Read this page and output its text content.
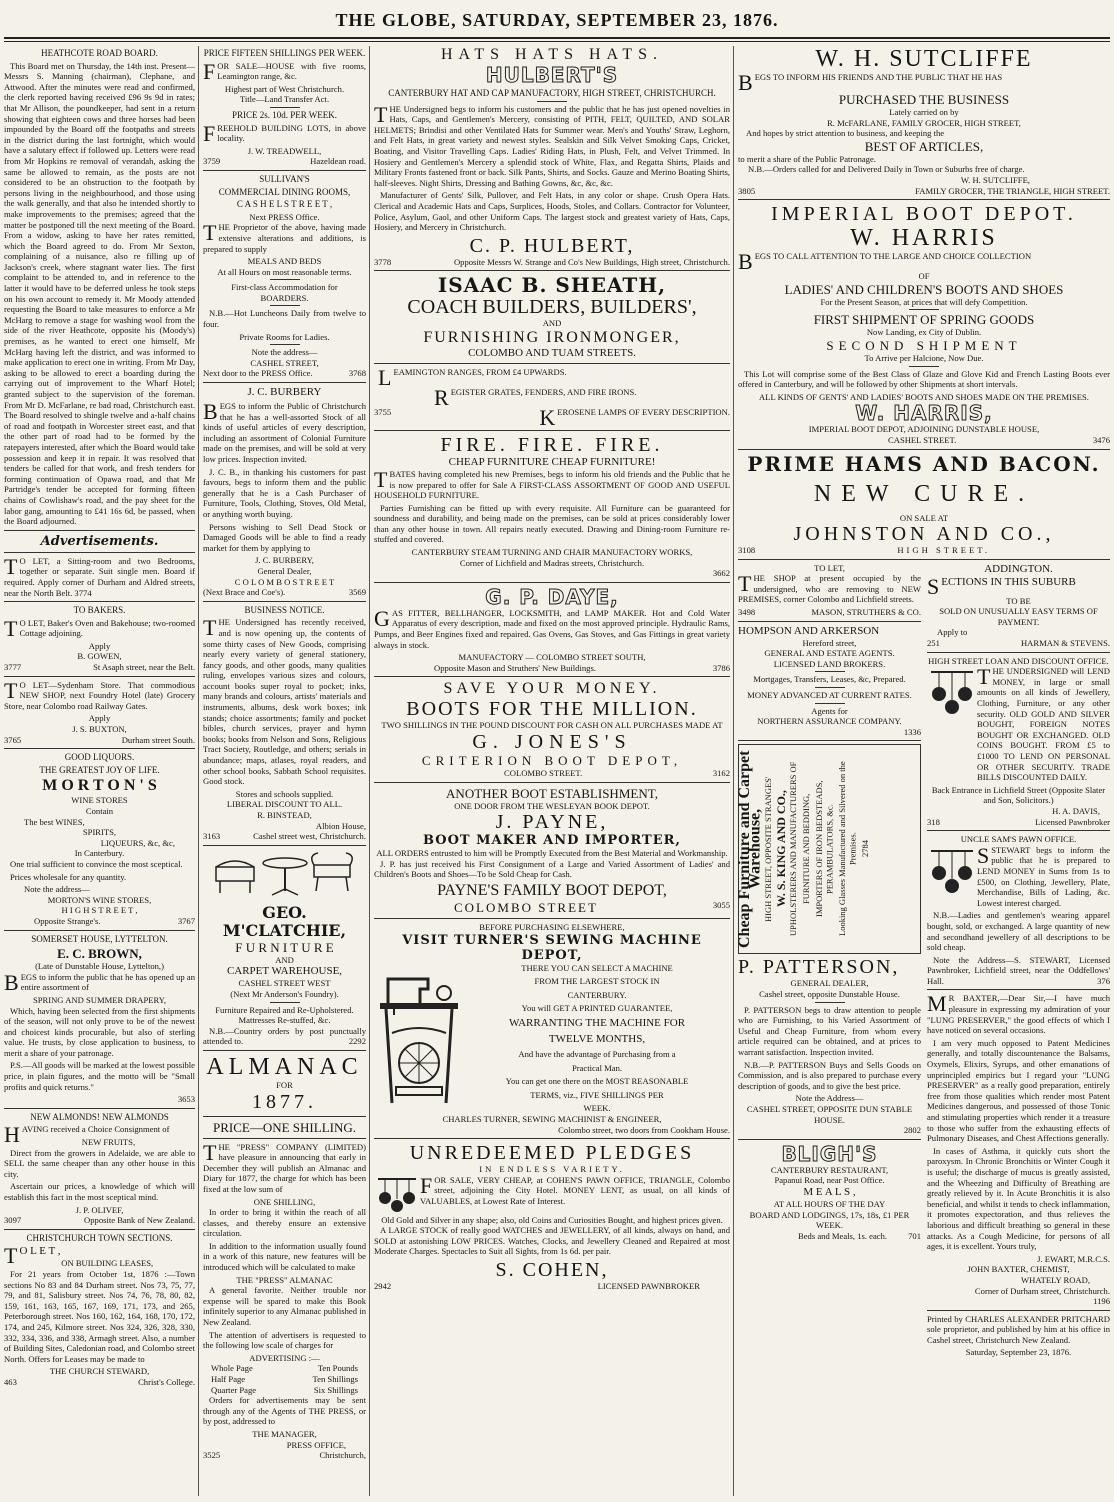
THE GLOBE, SATURDAY, SEPTEMBER 23, 1876.
HEATHCOTE ROAD BOARD.

This Board met on Thursday, the 14th inst. Present—Messrs S. Manning (chairman), Clephane, and Attwood. After the minutes were read and confirmed, the clerk reported having received £96 9s 9d in rates; that Mr Allison, the poundkeeper, had sent in a return showing that eighteen cows and three horses had been impounded by the Board off the footpaths and streets in the district during the last fortnight, which would have a salutary effect if followed up. Letters were read from Mr Hopkins re removal of verandah, asking the same be allowed to remain, as the posts are not considered to be an obstruction to the footpath by persons living in the neighbourhood, and those using the walk generally, and that also he intended shortly to make improvements to the premises; agreed that the matter be postponed till the next meeting of the Board. From a widow, asking to have her rates remitted, which the Board agreed to do. From Mr Sexton, complaining of a nuisance, also re filling up of Jackson's creek, where stagnant water lies. The first complaint to be attended to, and in reference to the latter it would have to be deferred unless he took steps on his own account to remedy it. Mr Moody attended requesting the Board to take measures to enforce a Mr McHarg to remove a stage for washing wool from the side of the river Heathcote, opposite his (Moody's) premises, as he wanted to erect one himself, Mr McHarg having left the district, and was informed to make application to erect one in writing. From Mr Day, asking to be allowed to erect a boarding during the carrying out of improvement to the Wharf Hotel; granted subject to the supervision of the foreman. From Mr D. McFarlane, re bad road, Christchurch east. The Board resolved to shingle twelve and a-half chains of road and footpath in Worcester street east, and that the other part of road had to be formed by the ratepayers interested, after which the Board would take possession and keep it in repair. It was resolved that tenders be called for that work, and fresh tenders for forming continuation of Opawa road, and that Mr Partridge's tender be accepted for forming fifteen chains of Cowlishaw's road, and the pay sheet for the labor gang, amounting to £41 16s 6d, be passed, when the Board adjourned.

Advertisements.

T O LET, a Sitting-room and two Bedrooms, together or separate. Suit single men. Board if required. Apply corner of Durham and Aldred streets, near the North Belt. 3774

TO BAKERS.

T O LET, Baker's Oven and Bakehouse; two-roomed Cottage adjoining.

Apply
B. GOWEN,
3777	St Asaph street, near the Belt.

T O LET—Sydenham Store. That commodious NEW SHOP, next Foundry Hotel (late) Grocery Store, near Colombo road Railway Gates.

Apply
J. S. BUXTON,
3765	Durham street South.
GOOD LIQUORS.
THE GREATEST JOY OF LIFE.
M O R T O N ' S
WINE STORES
Contain
The best WINES,
SPIRITS,
LIQUEURS, &c, &c,
In Canterbury.

One trial sufficient to convince the most sceptical.

Prices wholesale for any quantity.

Note the address—
MORTON'S WINE STORES,
H I G H S T R E E T ,
Opposite Strange's.	3767
SOMERSET HOUSE, LYTTELTON.
E. C. BROWN,
(Late of Dunstable House, Lyttelton,)

BEGS to inform the public that he has opened up an entire assortment of

SPRING AND SUMMER DRAPERY,

Which, having been selected from the first shipments of the season, will not only prove to be of the newest and choicest kinds procurable, but also of sterling value. He trusts, by close application to business, to merit a share of your patronage.

P.S.—All goods will be marked at the lowest possible price, in plain figures, and the motto will be "Small profits and quick returns."

3653
NEW ALMONDS! NEW ALMONDS

HAVING received a Choice Consignment of

NEW FRUITS,

Direct from the growers in Adelaide, we are able to SELL the same cheaper than any other house in this city.

Ascertain our prices, a knowledge of which will establish this fact in the most sceptical mind.

J. P. OLIVEF,
3097	Opposite Bank of New Zealand.
CHRISTCHURCH TOWN SECTIONS.
T O L E T ,
ON BUILDING LEASES,

For 21 years from October 1st, 1876 :—Town sections No 83 and 84 Durham street. Nos 73, 75, 77, 79, and 81, Salisbury street. Nos 74, 76, 78, 80, 82, 159, 161, 163, 165, 167, 169, 171, 173, and 265, Peterborough street. Nos 160, 162, 164, 168, 170, 172, 174, and 245, Kilmore street. Nos 324, 326, 328, 330, 332, 334, 336, and 338, Armagh street. Also, a number of Building Sites, Caledonian road, and Colombo street North. Offers for Leases may be made to

THE CHURCH STEWARD,
463	Christ's College.
PRICE FIFTEEN SHILLINGS PER WEEK.

FOR SALE—HOUSE with five rooms, Leamington range, &c.

Highest part of West Christchurch.
Title—Land Transfer Act.
PRICE 2s. 10d. PER WEEK.

FREEHOLD BUILDING LOTS, in above locality.

J. W. TREADWELL,
3759	Hazeldean road.
SULLIVAN'S
COMMERCIAL DINING ROOMS,
C A S H E L S T R E E T ,
Next PRESS Office.

THE Proprietor of the above, having made extensive alterations and additions, is prepared to supply

MEALS AND BEDS
At all Hours on most reasonable terms.
First-class Accommodation for
BOARDERS.

N.B.—Hot Luncheons Daily from twelve to four.

Private Rooms for Ladies.
Note the address—
CASHEL STREET,
Next door to the PRESS Office.	3768
J. C. BURBERY

BEGS to inform the Public of Christchurch that he has a well-assorted Stock of all kinds of useful articles of every description, including an assortment of Colonial Furniture made on the premises, and will be sold at very low prices. Inspection invited.

J. C. B., in thanking his customers for past favours, begs to inform them and the public generally that he is a Cash Purchaser of Furniture, Tools, Clothing, Stoves, Old Metal, or anything worth buying.

Persons wishing to Sell Dead Stock or Damaged Goods will be able to find a ready market for them by applying to

J. C. BURBERY,
General Dealer,
C O L O M B O S T R E E T
(Next Brace and Coe's).	3569
BUSINESS NOTICE.

THE Undersigned has recently received, and is now opening up, the contents of some thirty cases of New Goods, comprising nearly every variety of general stationery, fancy goods, and other goods, many qualities ruling, envelopes various sizes and colours, account books super royal to pocket; inks, many brands and colours, artists' materials and instruments, albums, desk work boxes; ink stands; choice assortments; family and pocket bibles, church services, prayer and hymn books; books from Nelson and Sons, Religious Tract Society, Routledge, and others; serials in abundance; maps, atlases, royal readers, and other school books, Sabbath School requisites. Good stock.

Stores and schools supplied.
LIBERAL DISCOUNT TO ALL.
R. BINSTEAD,
Albion House,
3163	Cashel street west, Christchurch.
GEO. M'CLATCHIE,
F U R N I T U R E
AND
CARPET WAREHOUSE,
CASHEL STREET WEST
(Next Mr Anderson's Foundry).
Furniture Repaired and Re-Upholstered.
Mattresses Re-stuffed, &c.

N.B.—Country orders by post punctually attended to.	2292

ALMANAC
FOR
1877.
PRICE—ONE SHILLING.

THE "PRESS" COMPANY (LIMITED) have pleasure in announcing that early in December they will publish an Almanac and Diary for 1877, the charge for which has been fixed at the low sum of

ONE SHILLING,

In order to bring it within the reach of all classes, and thereby ensure an extensive circulation.

In addition to the information usually found in a work of this nature, new features will be introduced which will be calculated to make

THE "PRESS" ALMANAC

A general favorite. Neither trouble nor expense will be spared to make this Book infinitely superior to any Almanac published in New Zealand.

The attention of advertisers is requested to the following low scale of charges for

ADVERTISING :—
Whole Page	Ten Pounds
Half Page	Ten Shillings
Quarter Page	Six Shillings

Orders for advertisements may be sent through any of the Agents of THE PRESS, or by post, addressed to

THE MANAGER,
PRESS OFFICE,
3525	Christchurch,
HATS HATS HATS.
HULBERT'S
CANTERBURY HAT AND CAP MANUFACTORY, HIGH STREET, CHRISTCHURCH.

THE Undersigned begs to inform his customers and the public that he has just opened novelties in Hats, Caps, and Gentlemen's Mercery, consisting of PITH, FELT, QUILTED, AND SOLAR HELMETS; Brindisi and other Ventilated Hats for Summer wear. Men's and Youths' Straw, Leghorn, and Felt Hats, in great variety and newest styles. Sealskin and Silk Velvet Smoking Caps, Cricket, Boating, and Visitor Travelling Caps. Ladies' Riding Hats, in Plush, Felt, and Velvet Trimmed. In Hosiery and Gentlemen's Mercery a splendid stock of White, Flax, and Regatta Shirts, Plaids and Military Fronts fastened front or back. Silk Pants, Shirts, and Socks. Gauze and Merino Boating Shirts, half-sleeves. Night Shirts, Dressing and Bathing Gowns, &c, &c, &c.

Manufacturer of Gents' Silk, Pullover, and Felt Hats, in any color or shape. Crush Opera Hats. Clerical and Academic Hats and Caps, Surplices, Hoods, Stoles, and Collars. Contractor for Volunteer, Police, Asylum, Gaol, and other Uniform Caps. The largest stock and greatest variety of Hats, Caps, Hosiery, and Mercery in Christchurch.

C. P. HULBERT,
3778	Opposite Messrs W. Strange and Co's New Buildings, High street, Christchurch.
ISAAC B. SHEATH,
COACH BUILDERS, BUILDERS',
AND
FURNISHING IRONMONGER,
COLOMBO AND TUAM STREETS.
LEAMINGTON RANGES, FROM £4 UPWARDS.
REGISTER GRATES, FENDERS, AND FIRE IRONS.
3755	KEROSENE LAMPS OF EVERY DESCRIPTION.
FIRE. FIRE. FIRE.
CHEAP FURNITURE CHEAP FURNITURE!

TBATES having completed his new Premises, begs to inform his old friends and the Public that he is now prepared to offer for Sale A FIRST-CLASS ASSORTMENT OF GOOD AND USEFUL HOUSEHOLD FURNITURE.

Parties Furnishing can be fitted up with every requisite. All Furniture can be guaranteed for soundness and durability, and being made on the premises, can be sold at prices considerably lower than any other house in town. All repairs neatly executed. Drawing and Dining-room Furniture re-stuffed and covered.

CANTERBURY STEAM TURNING AND CHAIR MANUFACTORY WORKS,
Corner of Lichfield and Madras streets, Christchurch.
3662
G. P. DAYE,

GAS FITTER, BELLHANGER, LOCKSMITH, and LAMP MAKER. Hot and Cold Water Apparatus of every description, made and fixed on the most approved principle. Hydraulic Rams, Pumps, and Beer Engines fixed and repaired. Gas Ovens, Gas Stoves, and Gas Fittings in great variety always in stock.

MANUFACTORY — COLOMBO STREET SOUTH,
Opposite Mason and Struthers' New Buildings.	3786
SAVE YOUR MONEY.
BOOTS FOR THE MILLION.
TWO SHILLINGS IN THE POUND DISCOUNT FOR CASH ON ALL PURCHASES MADE AT
G. JONES'S
CRITERION BOOT DEPOT,
COLOMBO STREET.	3162
ANOTHER BOOT ESTABLISHMENT,
ONE DOOR FROM THE WESLEYAN BOOK DEPOT.
J. PAYNE,
BOOT MAKER AND IMPORTER,
ALL ORDERS entrusted to him will be Promptly Executed from the Best Material and Workmanship.

J. P. has just received his First Consignment of a Large and Varied Assortment of Ladies' and Children's Boots and Shoes—To be Sold Cheap for Cash.

PAYNE'S FAMILY BOOT DEPOT,
COLOMBO STREET	3055
BEFORE PURCHASING ELSEWHERE,
VISIT TURNER'S SEWING MACHINE DEPOT,
THERE YOU CAN SELECT A MACHINE
FROM THE LARGEST STOCK IN
CANTERBURY.
You will GET A PRINTED GUARANTEE,
WARRANTING THE MACHINE FOR
TWELVE MONTHS,
And have the advantage of Purchasing from a
Practical Man.
You can get one there on the MOST REASONABLE
TERMS, viz., FIVE SHILLINGS PER
WEEK.
CHARLES TURNER, SEWING MACHINIST & ENGINEER,
Colombo street, two doors from Cookham House.
UNREDEEMED PLEDGES
IN ENDLESS VARIETY.

FOR SALE, VERY CHEAP, at COHEN'S PAWN OFFICE, TRIANGLE, Colombo street, adjoining the City Hotel. MONEY LENT, as usual, on all kinds of VALUABLES, at Lowest Rate of Interest.

Old Gold and Silver in any shape; also, old Coins and Curiosities Bought, and highest prices given.

A LARGE STOCK of really good WATCHES and JEWELLERY, of all kinds, always on hand, and SOLD at astonishing LOW PRICES. Watches, Clocks, and Jewellery Cleaned and Repaired at most Moderate Charges. Spectacles to Suit all Sights, from 1s 6d. per pair.

S. COHEN,
2942	LICENSED PAWNBROKER
W. H. SUTCLIFFE
BEGS TO INFORM HIS FRIENDS AND THE PUBLIC THAT HE HAS
PURCHASED THE BUSINESS
Lately carried on by
R. McFARLANE, FAMILY GROCER, HIGH STREET,
And hopes by strict attention to business, and keeping the
BEST OF ARTICLES,
to merit a share of the Public Patronage.
N.B.—Orders called for and Delivered Daily in Town or Suburbs free of charge.
W. H. SUTCLIFFE,
3805	FAMILY GROCER, THE TRIANGLE, HIGH STREET.
IMPERIAL BOOT DEPOT.
W. HARRIS
BEGS TO CALL ATTENTION TO THE LARGE AND CHOICE COLLECTION
OF
LADIES' AND CHILDREN'S BOOTS AND SHOES
For the Present Season, at prices that will defy Competition.
FIRST SHIPMENT OF SPRING GOODS
Now Landing, ex City of Dublin.
SECOND SHIPMENT
To Arrive per Halcione, Now Due.

This Lot will comprise some of the Best Class of Glaze and Glove Kid and French Lasting Boots ever offered in Canterbury, and will be followed by other Shipments at short intervals.

ALL KINDS OF GENTS' AND LADIES' BOOTS AND SHOES MADE ON THE PREMISES.
W. HARRIS,
IMPERIAL BOOT DEPOT, ADJOINING DUNSTABLE HOUSE,
CASHEL STREET.	3476
PRIME HAMS AND BACON.
NEW CURE.
ON SALE AT
JOHNSTON AND CO.,
3108	HIGH STREET.
TO LET,

THE SHOP at present occupied by the undersigned, who are removing to NEW PREMISES, corner Colombo and Lichfield streets.

3498	MASON, STRUTHERS & CO.
HOMPSON AND ARKERSON
Hereford street,
GENERAL AND ESTATE AGENTS.
LICENSED LAND BROKERS.
Mortgages, Transfers, Leases, &c, Prepared.
MONEY ADVANCED AT CURRENT RATES.
Agents for
NORTHERN ASSURANCE COMPANY.
1336
Cheap Furniture and Carpet Warehouse, HIGH STREET, OPPOSITE STRANGES' W. S. KING AND CO., UPHOLSTERERS AND MANUFACTURERS OF FURNITURE AND BEDDING, IMPORTERS OF IRON BEDSTEADS, PERAMBULATORS, &c. Looking Glasses Manufactured and Silvered on the Premises. 2784
P. PATTERSON,
GENERAL DEALER,
Cashel street, opposite Dunstable House.

P. PATTERSON begs to draw attention to people who are Furnishing, to his Varied Assortment of Useful and Cheap Furniture, from whom every article required can be obtained, and at prices to warrant satisfaction. Inspection invited.

N.B.—P. PATTERSON Buys and Sells Goods on Commission, and is also prepared to purchase every description of goods, and to give the best price.

Note the Address—
CASHEL STREET, OPPOSITE DUN STABLE HOUSE.
2802
BLIGH'S
CANTERBURY RESTAURANT,
Papanui Road, near Post Office.
M E A L S ,
AT ALL HOURS OF THE DAY
BOARD AND LODGINGS, 17s, 18s, £1 PER WEEK.
Beds and Meals, 1s. each. 701
ADDINGTON.
SECTIONS IN THIS SUBURB
TO BE
SOLD ON UNUSUALLY EASY TERMS OF PAYMENT.
Apply to
251	HARMAN & STEVENS.
HIGH STREET LOAN AND DISCOUNT OFFICE.

THE UNDERSIGNED will LEND MONEY, in large or small amounts on all kinds of Jewellery, Clothing, Furniture, or any other security. OLD GOLD AND SILVER BOUGHT, FOREIGN NOTES BOUGHT OR EXCHANGED. OLD COINS BOUGHT. FROM £5 to £1000 TO LEND ON PERSONAL OR OTHER SECURITY. TRADE BILLS DISCOUNTED DAILY.

Back Entrance in Lichfield Street (Opposite Slater and Son, Solicitors.)
H. A. DAVIS,
318	Licensed Pawnbroker
UNCLE SAM'S PAWN OFFICE.

SSTEWART begs to inform the public that he is prepared to LEND MONEY in Sums from 1s to £500, on Clothing, Jewellery, Plate, Merchandise, Bills of Lading, &c. Lowest interest charged.

N.B.—Ladies and gentlemen's wearing apparel bought, sold, or exchanged. A large quantity of new and secondhand jewellery of all descriptions to be sold cheap.

Note the Address—S. STEWART, Licensed Pawnbroker, Lichfield street, near the Oddfellows' Hall.	376

M R BAXTER,—Dear Sir,—I have much pleasure in expressing my admiration of your "LUNG PRESERVER," the good effects of which I have noticed on several occasions.

I am very much opposed to Patent Medicines generally, and totally discountenance the Balsams, Oxymels, Elixirs, Syrups, and other emanations of unprincipled empirics but I regard your "LUNG PRESERVER" as a really good preparation, entirely free from those qualities which render most Patent Medicines dangerous, and possessed of those Tonic and stimulating properties which render it a treasure to those who suffer from the exhausting effects of Pulmonary Diseases, and Chest Affections generally.

In cases of Asthma, it quickly cuts short the paroxysm. In Chronic Bronchitis or Winter Cough it is useful; the discharge of mucus is greatly assisted, and the Wheezing and Difficulty of Breathing are greatly relieved by it. In Acute Bronchitis it is also beneficial, and whilst it tends to check inflammation, it promotes expectoration, and thus relieves the laborious and difficult breathing so general in these attacks. As a Cough Medicine, for persons of all ages, it is excellent. Yours truly,

J. EWART, M.R.C.S.
JOHN BAXTER, CHEMIST,
WHATELY ROAD,
Corner of Durham street, Christchurch.
1196

Printed by CHARLES ALEXANDER PRITCHARD sole proprietor, and published by him at his office in Cashel street, Christchurch New Zealand.

Saturday, September 23, 1876.
